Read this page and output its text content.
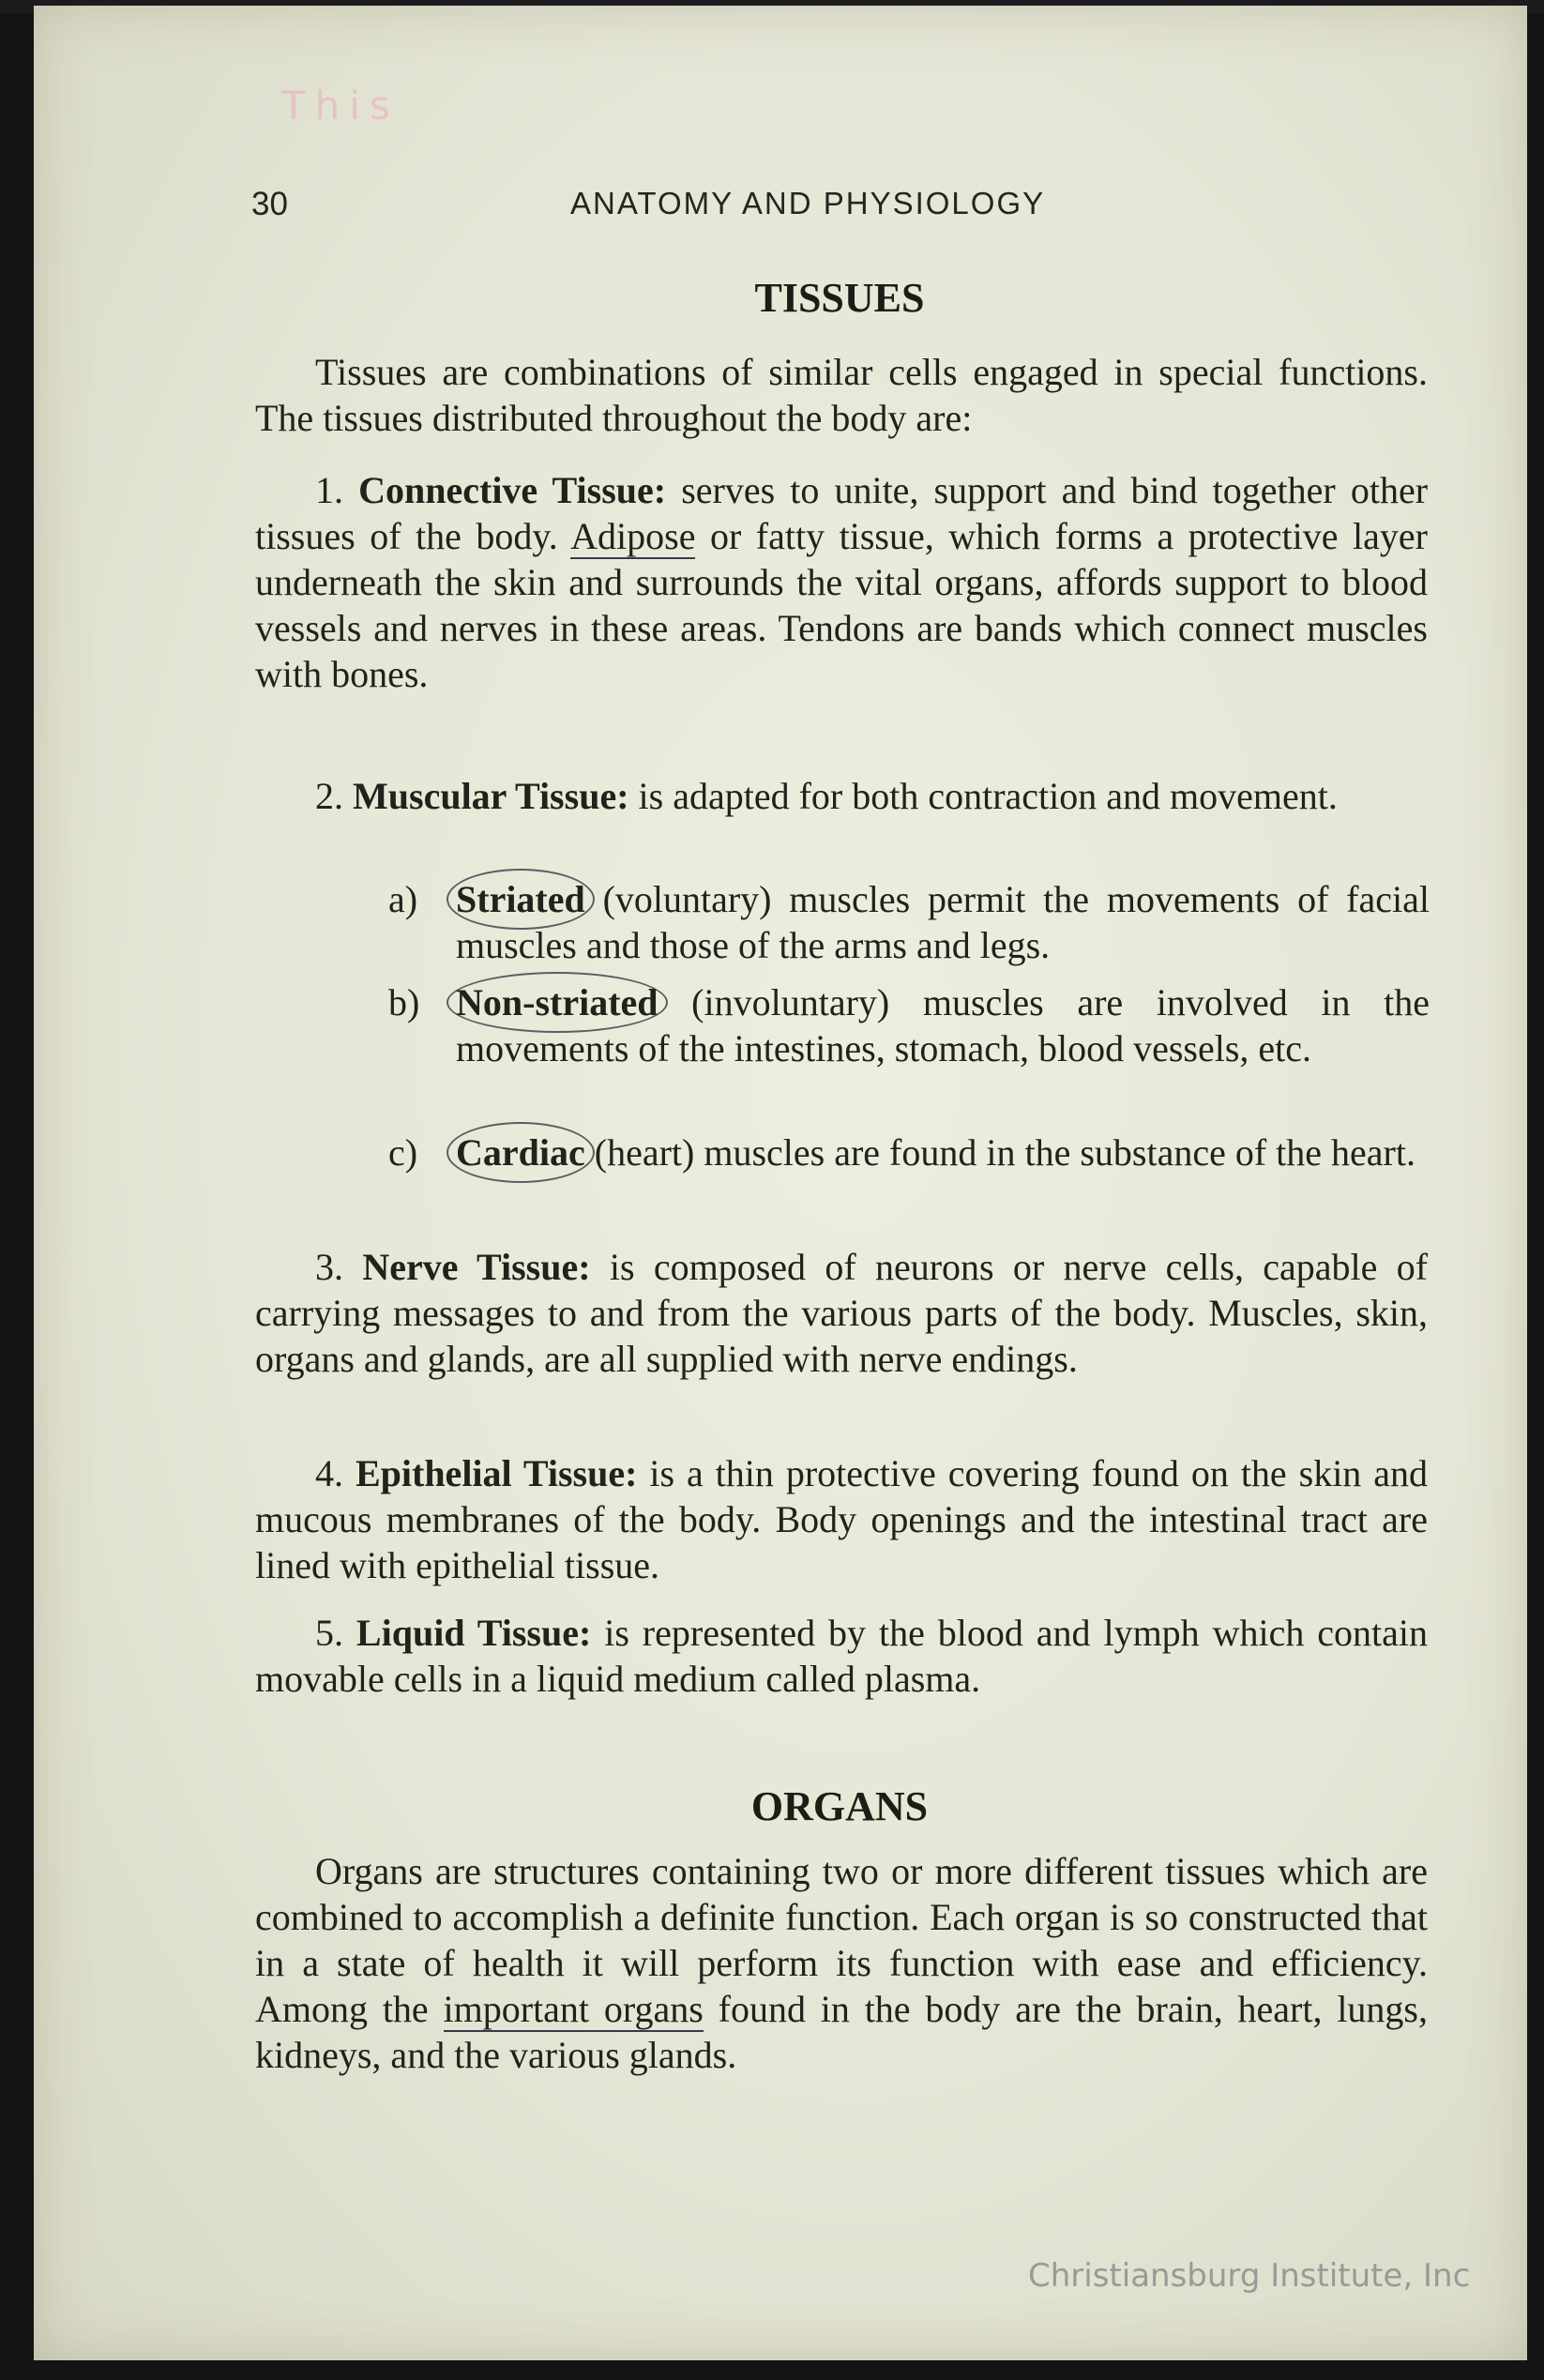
This
30	ANATOMY AND PHYSIOLOGY
TISSUES
Tissues are combinations of similar cells engaged in special functions. The tissues distributed throughout the body are:
1. Connective Tissue: serves to unite, support and bind together other tissues of the body. Adipose or fatty tissue, which forms a protective layer underneath the skin and surrounds the vital organs, affords support to blood vessels and nerves in these areas. Tendons are bands which connect muscles with bones.
2. Muscular Tissue: is adapted for both contraction and movement.
a) Striated (voluntary) muscles permit the movements of facial muscles and those of the arms and legs.
b) Non-striated (involuntary) muscles are involved in the movements of the intestines, stomach, blood vessels, etc.
c) Cardiac (heart) muscles are found in the substance of the heart.
3. Nerve Tissue: is composed of neurons or nerve cells, capable of carrying messages to and from the various parts of the body. Muscles, skin, organs and glands, are all supplied with nerve endings.
4. Epithelial Tissue: is a thin protective covering found on the skin and mucous membranes of the body. Body openings and the intestinal tract are lined with epithelial tissue.
5. Liquid Tissue: is represented by the blood and lymph which contain movable cells in a liquid medium called plasma.
ORGANS
Organs are structures containing two or more different tissues which are combined to accomplish a definite function. Each organ is so constructed that in a state of health it will perform its function with ease and efficiency. Among the important organs found in the body are the brain, heart, lungs, kidneys, and the various glands.
Christiansburg Institute, Inc
